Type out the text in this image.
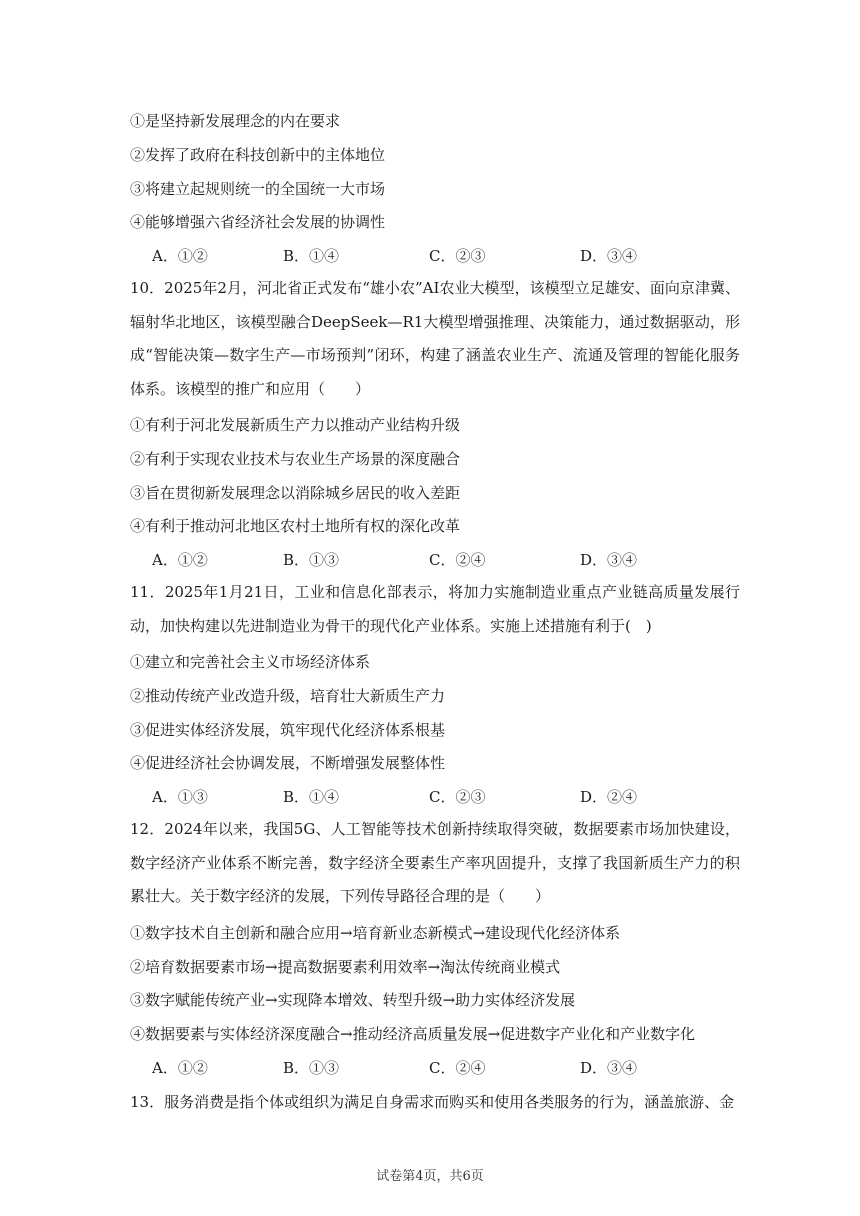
①是坚持新发展理念的内在要求
②发挥了政府在科技创新中的主体地位
③将建立起规则统一的全国统一大市场
④能够增强六省经济社会发展的协调性
A．①②	B．①④	C．②③	D．③④
10．2025年2月，河北省正式发布“雄小农”AI农业大模型，该模型立足雄安、面向京津冀、辐射华北地区，该模型融合DeepSeek—R1大模型增强推理、决策能力，通过数据驱动，形成“智能决策—数字生产—市场预判”闭环，构建了涵盖农业生产、流通及管理的智能化服务体系。该模型的推广和应用（　　）
①有利于河北发展新质生产力以推动产业结构升级
②有利于实现农业技术与农业生产场景的深度融合
③旨在贯彻新发展理念以消除城乡居民的收入差距
④有利于推动河北地区农村土地所有权的深化改革
A．①②	B．①③	C．②④	D．③④
11．2025年1月21日，工业和信息化部表示，将加力实施制造业重点产业链高质量发展行动，加快构建以先进制造业为骨干的现代化产业体系。实施上述措施有利于(　)
①建立和完善社会主义市场经济体系
②推动传统产业改造升级，培育壮大新质生产力
③促进实体经济发展，筑牢现代化经济体系根基
④促进经济社会协调发展，不断增强发展整体性
A．①③	B．①④	C．②③	D．②④
12．2024年以来，我国5G、人工智能等技术创新持续取得突破，数据要素市场加快建设，数字经济产业体系不断完善，数字经济全要素生产率巩固提升，支撑了我国新质生产力的积累壮大。关于数字经济的发展，下列传导路径合理的是（　　）
①数字技术自主创新和融合应用→培育新业态新模式→建设现代化经济体系
②培育数据要素市场→提高数据要素利用效率→淘汰传统商业模式
③数字赋能传统产业→实现降本增效、转型升级→助力实体经济发展
④数据要素与实体经济深度融合→推动经济高质量发展→促进数字产业化和产业数字化
A．①②	B．①③	C．②④	D．③④
13．服务消费是指个体或组织为满足自身需求而购买和使用各类服务的行为，涵盖旅游、金
试卷第4页，共6页
